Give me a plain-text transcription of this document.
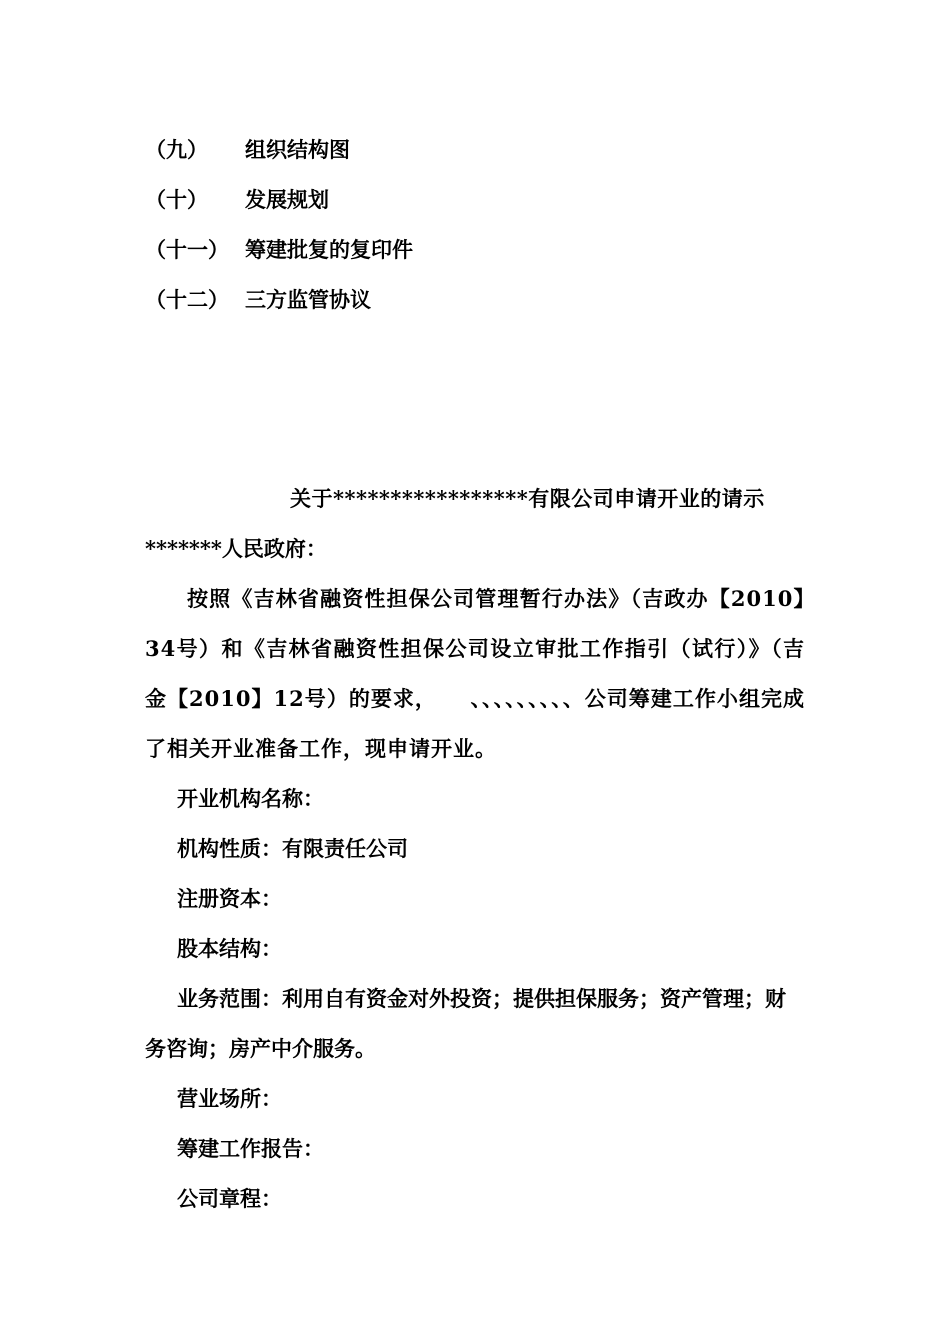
（九） 组织结构图
（十） 发展规划
（十一） 筹建批复的复印件
（十二） 三方监管协议
关于*****************有限公司申请开业的请示
*******人民政府：
按照《吉林省融资性担保公司管理暂行办法》（吉政办【2010】34号）和《吉林省融资性担保公司设立审批工作指引（试行）》（吉金【2010】12号）的要求，　　、、、、、、、、、公司筹建工作小组完成了相关开业准备工作，现申请开业。
开业机构名称：
机构性质：有限责任公司
注册资本：
股本结构：
业务范围：利用自有资金对外投资；提供担保服务；资产管理；财务咨询；房产中介服务。
营业场所：
筹建工作报告：
公司章程：
